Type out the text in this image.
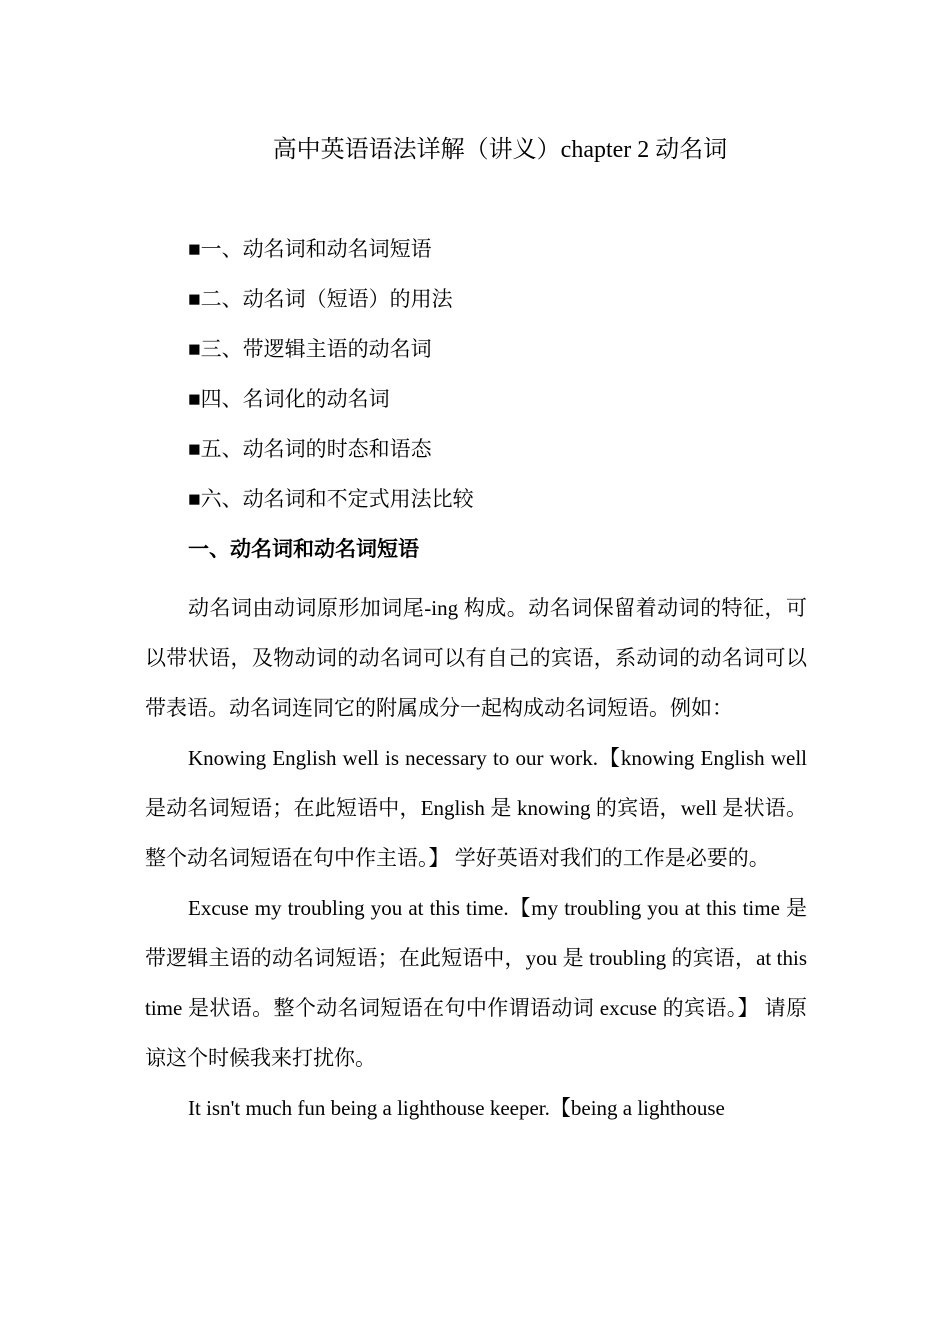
高中英语语法详解（讲义）chapter 2 动名词
■一、动名词和动名词短语
■二、动名词（短语）的用法
■三、带逻辑主语的动名词
■四、名词化的动名词
■五、动名词的时态和语态
■六、动名词和不定式用法比较
一、动名词和动名词短语

动名词由动词原形加词尾-ing 构成。动名词保留着动词的特征，可以带状语，及物动词的动名词可以有自己的宾语，系动词的动名词可以带表语。动名词连同它的附属成分一起构成动名词短语。例如：

Knowing English well is necessary to our work.【knowing English well 是动名词短语；在此短语中，English 是 knowing 的宾语，well 是状语。整个动名词短语在句中作主语。】 学好英语对我们的工作是必要的。

Excuse my troubling you at this time.【my troubling you at this time 是带逻辑主语的动名词短语；在此短语中，you 是 troubling 的宾语，at this time 是状语。整个动名词短语在句中作谓语动词 excuse 的宾语。】 请原谅这个时候我来打扰你。

It isn't much fun being a lighthouse keeper.【being a lighthouse
